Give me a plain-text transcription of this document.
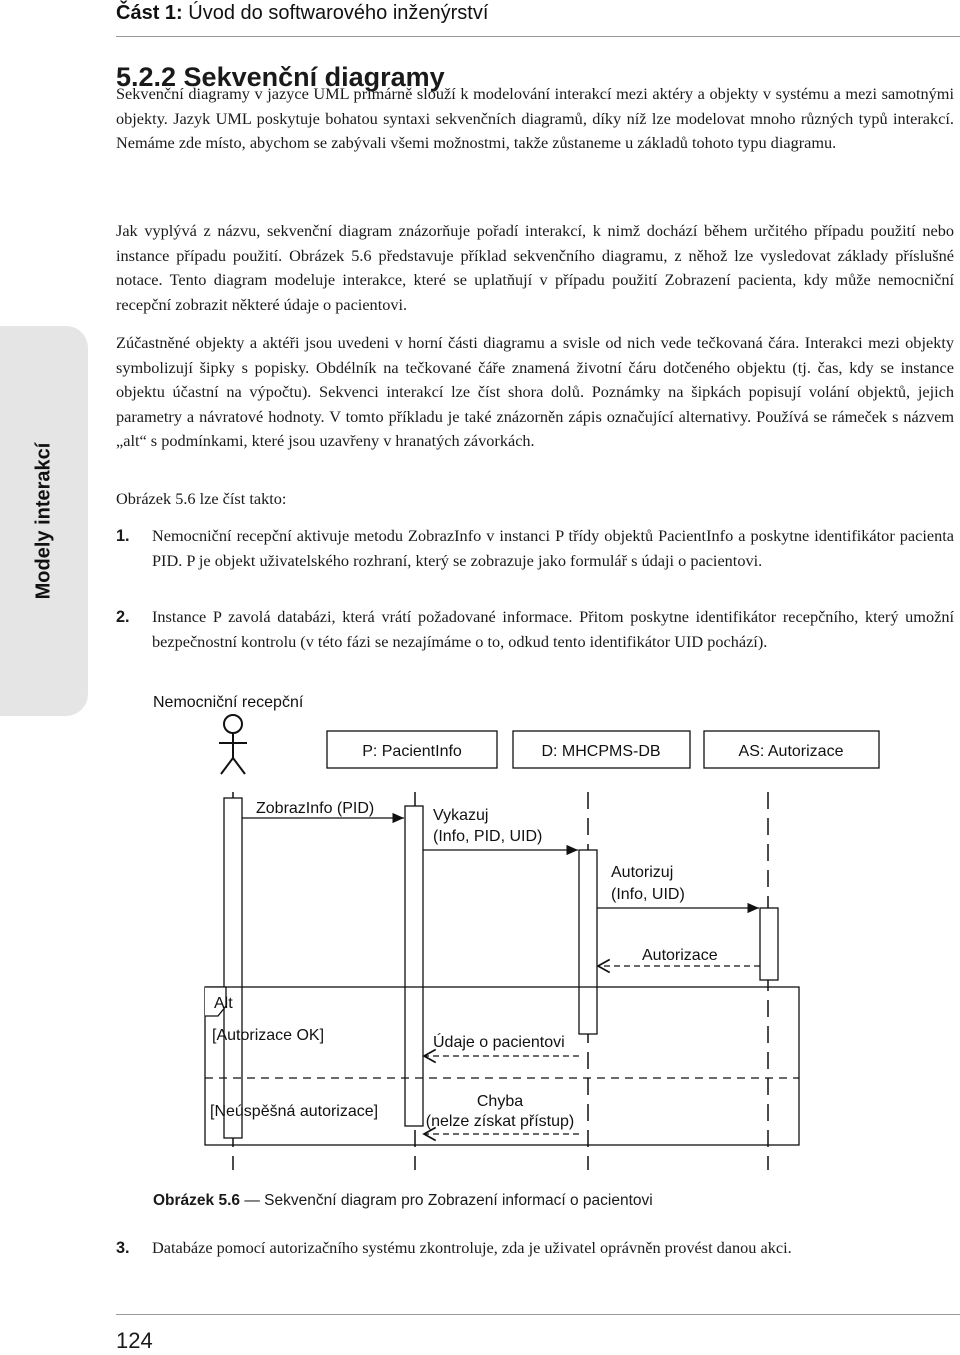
Část 1: Úvod do softwarového inženýrství
Modely interakcí
5.2.2 Sekvenční diagramy

Sekvenční diagramy v jazyce UML primárně slouží k modelování interakcí mezi aktéry a objekty v systému a mezi samotnými objekty. Jazyk UML poskytuje bohatou syntaxi sekvenčních diagramů, díky níž lze modelovat mnoho různých typů interakcí. Nemáme zde místo, abychom se zabývali všemi možnostmi, takže zůstaneme u základů tohoto typu diagramu.

Jak vyplývá z názvu, sekvenční diagram znázorňuje pořadí interakcí, k nimž dochází během určitého případu použití nebo instance případu použití. Obrázek 5.6 představuje příklad sekvenčního diagramu, z něhož lze vysledovat základy příslušné notace. Tento diagram modeluje interakce, které se uplatňují v případu použití Zobrazení pacienta, kdy může nemocniční recepční zobrazit některé údaje o pacientovi.

Zúčastněné objekty a aktéři jsou uvedeni v horní části diagramu a svisle od nich vede tečkovaná čára. Interakci mezi objekty symbolizují šipky s popisky. Obdélník na tečkované čáře znamená životní čáru dotčeného objektu (tj. čas, kdy se instance objektu účastní na výpočtu). Sekvenci interakcí lze číst shora dolů. Poznámky na šipkách popisují volání objektů, jejich parametry a návratové hodnoty. V tomto příkladu je také znázorněn zápis označující alternativy. Používá se rámeček s názvem „alt“ s podmínkami, které jsou uzavřeny v hranatých závorkách.

Obrázek 5.6 lze číst takto:

1. Nemocniční recepční aktivuje metodu ZobrazInfo v instanci P třídy objektů PacientInfo a poskytne identifikátor pacienta PID. P je objekt uživatelského rozhraní, který se zobrazuje jako formulář s údaji o pacientovi.
2. Instance P zavolá databázi, která vrátí požadované informace. Přitom poskytne identifikátor recepčního, který umožní bezpečnostní kontrolu (v této fázi se nezajímáme o to, odkud tento identifikátor UID pochází).
Nemocniční recepční
P: PacientInfo	D: MHCPMS-DB	AS: Autorizace
ZobrazInfo (PID)	Vykazuj
(Info, PID, UID)
Autorizuj
(Info, UID)
Autorizace
Alt
[Autorizace OK]
[Neúspěšná autorizace]
Údaje o pacientovi
Chyba
(nelze získat přístup)
Obrázek 5.6 — Sekvenční diagram pro Zobrazení informací o pacientovi
3. Databáze pomocí autorizačního systému zkontroluje, zda je uživatel oprávněn provést danou akci.
124
